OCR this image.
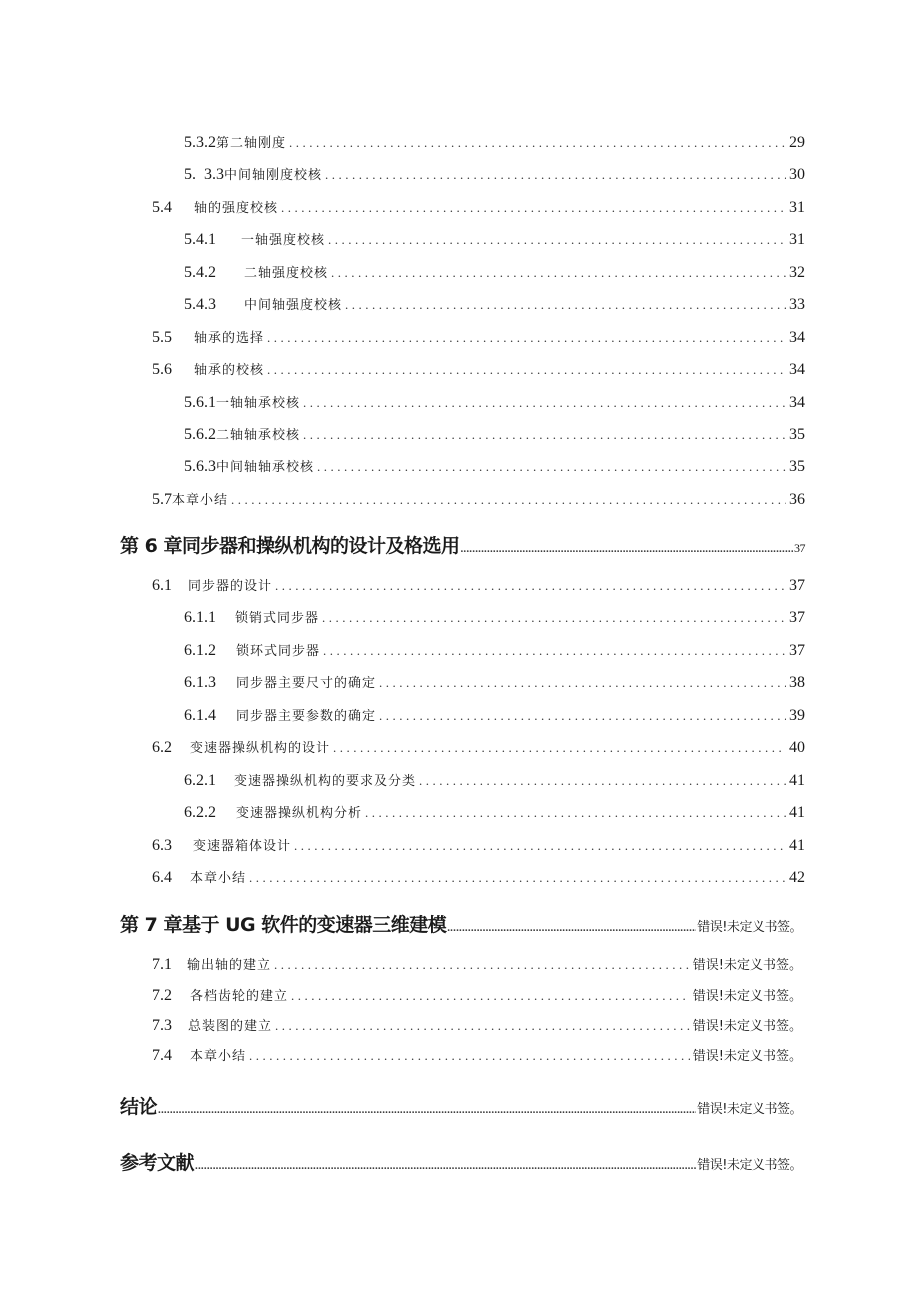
5.3.2 第二轴刚度 .....	29
5.  3.3 中间轴刚度校核 .....	30
5.4	轴的强度校核 .....	31
5.4.1	一轴强度校核 .....	31
5.4.2	二轴强度校核 .....	32
5.4.3	中间轴强度校核 .....	33
5.5	轴承的选择 .....	34
5.6	轴承的校核 .....	34
5.6.1 一轴轴承校核 .....	34
5.6.2 二轴轴承校核 .....	35
5.6.3 中间轴轴承校核 .....	35
5.7 本章小结 .....	36
第 6 章同步器和操纵机构的设计及格选用 .....	37
6.1	同步器的设计 .....	37
6.1.1	锁销式同步器 .....	37
6.1.2	锁环式同步器 .....	37
6.1.3	同步器主要尺寸的确定 .....	38
6.1.4	同步器主要参数的确定 .....	39
6.2	变速器操纵机构的设计 .....	40
6.2.1	变速器操纵机构的要求及分类 .....	41
6.2.2	变速器操纵机构分析 .....	41
6.3	变速器箱体设计 .....	41
6.4	本章小结 .....	42
第 7 章基于 UG 软件的变速器三维建模 .....	错误!未定义书签。
7.1	输出轴的建立 .....	错误!未定义书签。
7.2	各档齿轮的建立 .....	错误!未定义书签。
7.3	总装图的建立 .....	错误!未定义书签。
7.4	本章小结 .....	错误!未定义书签。
结论 .....	错误!未定义书签。
参考文献 .....	错误!未定义书签。
